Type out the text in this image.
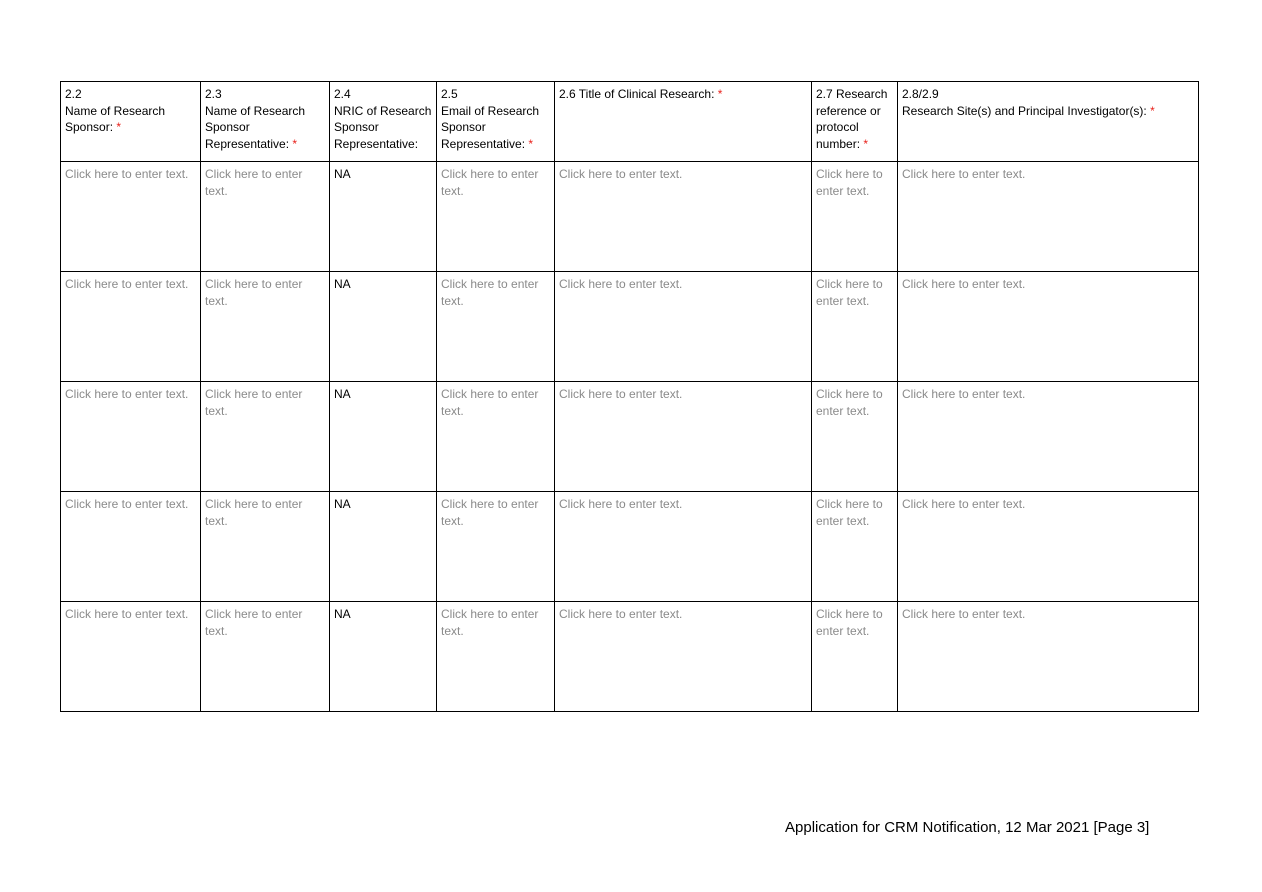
2.2
Name of Research
Sponsor: *	2.3
Name of Research
Sponsor
Representative: *	2.4
NRIC of Research
Sponsor
Representative:	2.5
Email of Research
Sponsor
Representative: *	2.6 Title of Clinical Research: *	2.7 Research
reference or
protocol
number: *	2.8/2.9
Research Site(s) and Principal Investigator(s): *

Click here to enter text.	Click here to enter text.	NA	Click here to enter text.	Click here to enter text.	Click here to enter text.	Click here to enter text.
Click here to enter text.	Click here to enter text.	NA	Click here to enter text.	Click here to enter text.	Click here to enter text.	Click here to enter text.
Click here to enter text.	Click here to enter text.	NA	Click here to enter text.	Click here to enter text.	Click here to enter text.	Click here to enter text.
Click here to enter text.	Click here to enter text.	NA	Click here to enter text.	Click here to enter text.	Click here to enter text.	Click here to enter text.
Click here to enter text.	Click here to enter text.	NA	Click here to enter text.	Click here to enter text.	Click here to enter text.	Click here to enter text.
Application for CRM Notification, 12 Mar 2021 [Page 3]
